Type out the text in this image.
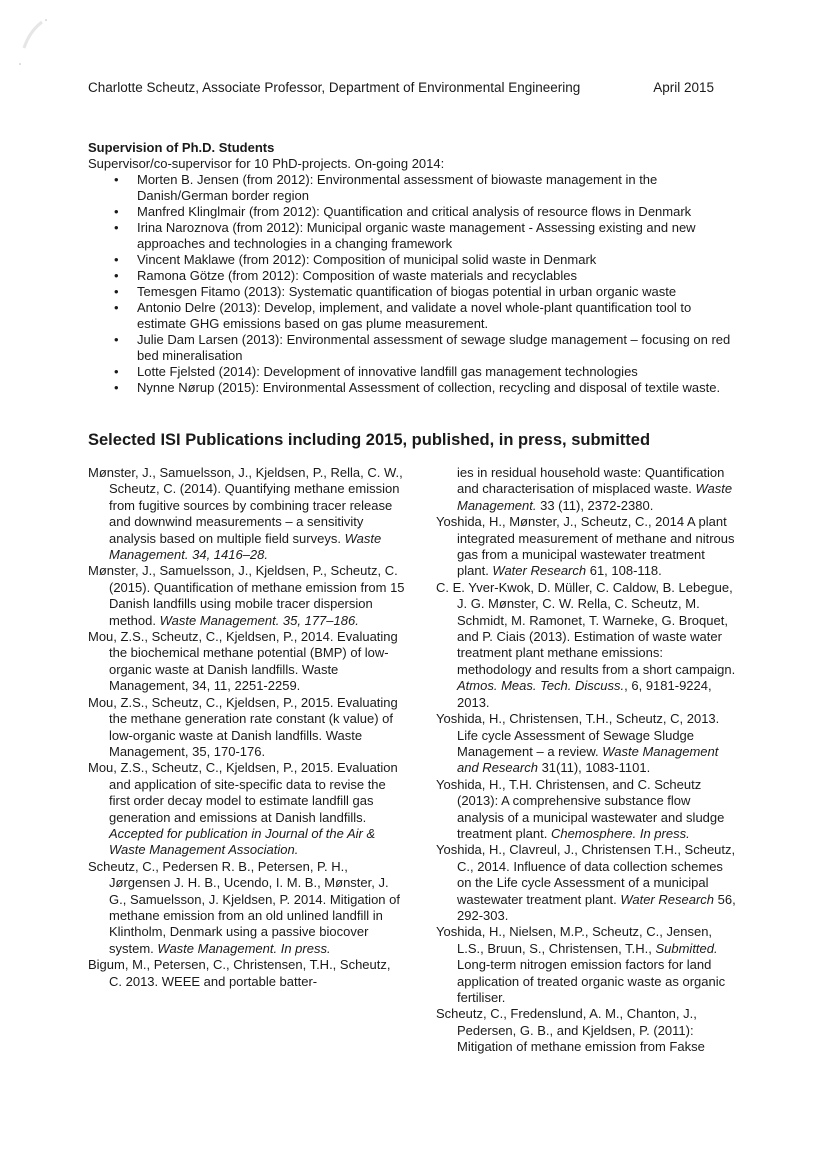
Charlotte Scheutz, Associate Professor, Department of Environmental Engineering	April 2015
Supervision of Ph.D. Students

Supervisor/co-supervisor for 10 PhD-projects. On-going 2014:

• Morten B. Jensen (from 2012): Environmental assessment of biowaste management in the Danish/German border region
• Manfred Klinglmair (from 2012): Quantification and critical analysis of resource flows in Denmark
• Irina Naroznova (from 2012): Municipal organic waste management - Assessing existing and new approaches and technologies in a changing framework
• Vincent Maklawe (from 2012): Composition of municipal solid waste in Denmark
• Ramona Götze (from 2012): Composition of waste materials and recyclables
• Temesgen Fitamo (2013): Systematic quantification of biogas potential in urban organic waste
• Antonio Delre (2013): Develop, implement, and validate a novel whole-plant quantification tool to estimate GHG emissions based on gas plume measurement.
• Julie Dam Larsen (2013): Environmental assessment of sewage sludge management – focusing on red bed mineralisation
• Lotte Fjelsted (2014): Development of innovative landfill gas management technologies
• Nynne Nørup (2015): Environmental Assessment of collection, recycling and disposal of textile waste.
Selected ISI Publications including 2015, published, in press, submitted

Mønster, J., Samuelsson, J., Kjeldsen, P., Rella, C. W., Scheutz, C. (2014). Quantifying methane emission from fugitive sources by combining tracer release and downwind measurements – a sensitivity analysis based on multiple field surveys. Waste Management. 34, 1416–28.

Mønster, J., Samuelsson, J., Kjeldsen, P., Scheutz, C. (2015). Quantification of methane emission from 15 Danish landfills using mobile tracer dispersion method. Waste Management. 35, 177–186.

Mou, Z.S., Scheutz, C., Kjeldsen, P., 2014. Evaluating the biochemical methane potential (BMP) of low-organic waste at Danish landfills. Waste Management, 34, 11, 2251-2259.

Mou, Z.S., Scheutz, C., Kjeldsen, P., 2015. Evaluating the methane generation rate constant (k value) of low-organic waste at Danish landfills. Waste Management, 35, 170-176.

Mou, Z.S., Scheutz, C., Kjeldsen, P., 2015. Evaluation and application of site-specific data to revise the first order decay model to estimate landfill gas generation and emissions at Danish landfills. Accepted for publication in Journal of the Air & Waste Management Association.

Scheutz, C., Pedersen R. B., Petersen, P. H., Jørgensen J. H. B., Ucendo, I. M. B., Mønster, J. G., Samuelsson, J. Kjeldsen, P. 2014. Mitigation of methane emission from an old unlined landfill in Klintholm, Denmark using a passive biocover system. Waste Management. In press.

Bigum, M., Petersen, C., Christensen, T.H., Scheutz, C. 2013. WEEE and portable batter-

ies in residual household waste: Quantification and characterisation of misplaced waste. Waste Management. 33 (11), 2372-2380.

Yoshida, H., Mønster, J., Scheutz, C., 2014 A plant integrated measurement of methane and nitrous gas from a municipal wastewater treatment plant. Water Research 61, 108-118.

C. E. Yver-Kwok, D. Müller, C. Caldow, B. Lebegue, J. G. Mønster, C. W. Rella, C. Scheutz, M. Schmidt, M. Ramonet, T. Warneke, G. Broquet, and P. Ciais (2013). Estimation of waste water treatment plant methane emissions: methodology and results from a short campaign. Atmos. Meas. Tech. Discuss., 6, 9181-9224, 2013.

Yoshida, H., Christensen, T.H., Scheutz, C, 2013. Life cycle Assessment of Sewage Sludge Management – a review. Waste Management and Research 31(11), 1083-1101.

Yoshida, H., T.H. Christensen, and C. Scheutz (2013): A comprehensive substance flow analysis of a municipal wastewater and sludge treatment plant. Chemosphere. In press.

Yoshida, H., Clavreul, J., Christensen T.H., Scheutz, C., 2014. Influence of data collection schemes on the Life cycle Assessment of a municipal wastewater treatment plant. Water Research 56, 292-303.

Yoshida, H., Nielsen, M.P., Scheutz, C., Jensen, L.S., Bruun, S., Christensen, T.H., Submitted. Long-term nitrogen emission factors for land application of treated organic waste as organic fertiliser.

Scheutz, C., Fredenslund, A. M., Chanton, J., Pedersen, G. B., and Kjeldsen, P. (2011): Mitigation of methane emission from Fakse
